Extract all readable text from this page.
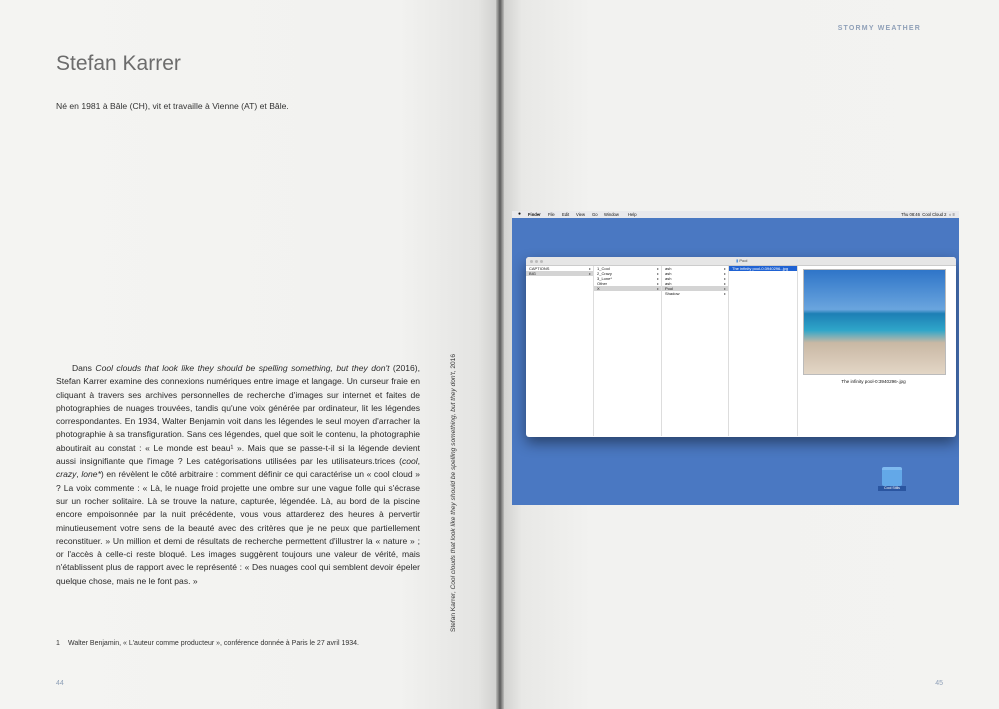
STORMY WEATHER
Stefan Karrer
Né en 1981 à Bâle (CH), vit et travaille à Vienne (AT) et Bâle.

Dans Cool clouds that look like they should be spelling something, but they don't (2016), Stefan Karrer examine des connexions numériques entre image et langage. Un curseur fraie en cliquant à travers ses archives personnelles de recherche d'images sur internet et faites de photographies de nuages trouvées, tandis qu'une voix générée par ordinateur, lit les légendes correspondantes. En 1934, Walter Benjamin voit dans les légendes le seul moyen d'arracher la photographie à sa transfiguration. Sans ces légendes, quel que soit le contenu, la photographie aboutirait au constat : « Le monde est beau¹ ». Mais que se passe-t-il si la légende devient aussi insignifiante que l'image ? Les catégorisations utilisées par les utilisateurs.trices (cool, crazy, lone*) en révèlent le côté arbitraire : comment définir ce qui caractérise un « cool cloud » ? La voix commente : « Là, le nuage froid projette une ombre sur une vague folle qui s'écrase sur un rocher solitaire. Là se trouve la nature, capturée, légendée. Là, au bord de la piscine encore empoisonnée par la nuit précédente, vous vous attarderez des heures à pervertir minutieusement votre sens de la beauté avec des critères que je ne peux que partiellement reconstituer. » Un million et demi de résultats de recherche permettent d'illustrer la « nature » ; or l'accès à celle-ci reste bloqué. Les images suggèrent toujours une valeur de vérité, mais n'établissent plus de rapport avec le représenté : « Des nuages cool qui semblent devoir épeler quelque chose, mais ne le font pas. »

1 Walter Benjamin, « L'auteur comme producteur », conférence donnée à Paris le 27 avril 1934.
Stefan Karrer, Cool clouds that look like they should be spelling something, but they don't, 2016
44	45
● Finder File Edit View Go Window Help	Thu 08:46 Cool Cloud 2 ○ ≡
▮ Pool
CAPTIONS	▸
BIG	▸
1_Cool	▸
2_Crazy	▸
3_Lone*	▸
Other	▸
X	▸
ash	▸
ash	▸
ash	▸
ash	▸
Pool	▸
Shadow	▸
The infinity pool-0:3940296-.jpg
The infinity pool-0:3940296-.jpg
Cool Stills
